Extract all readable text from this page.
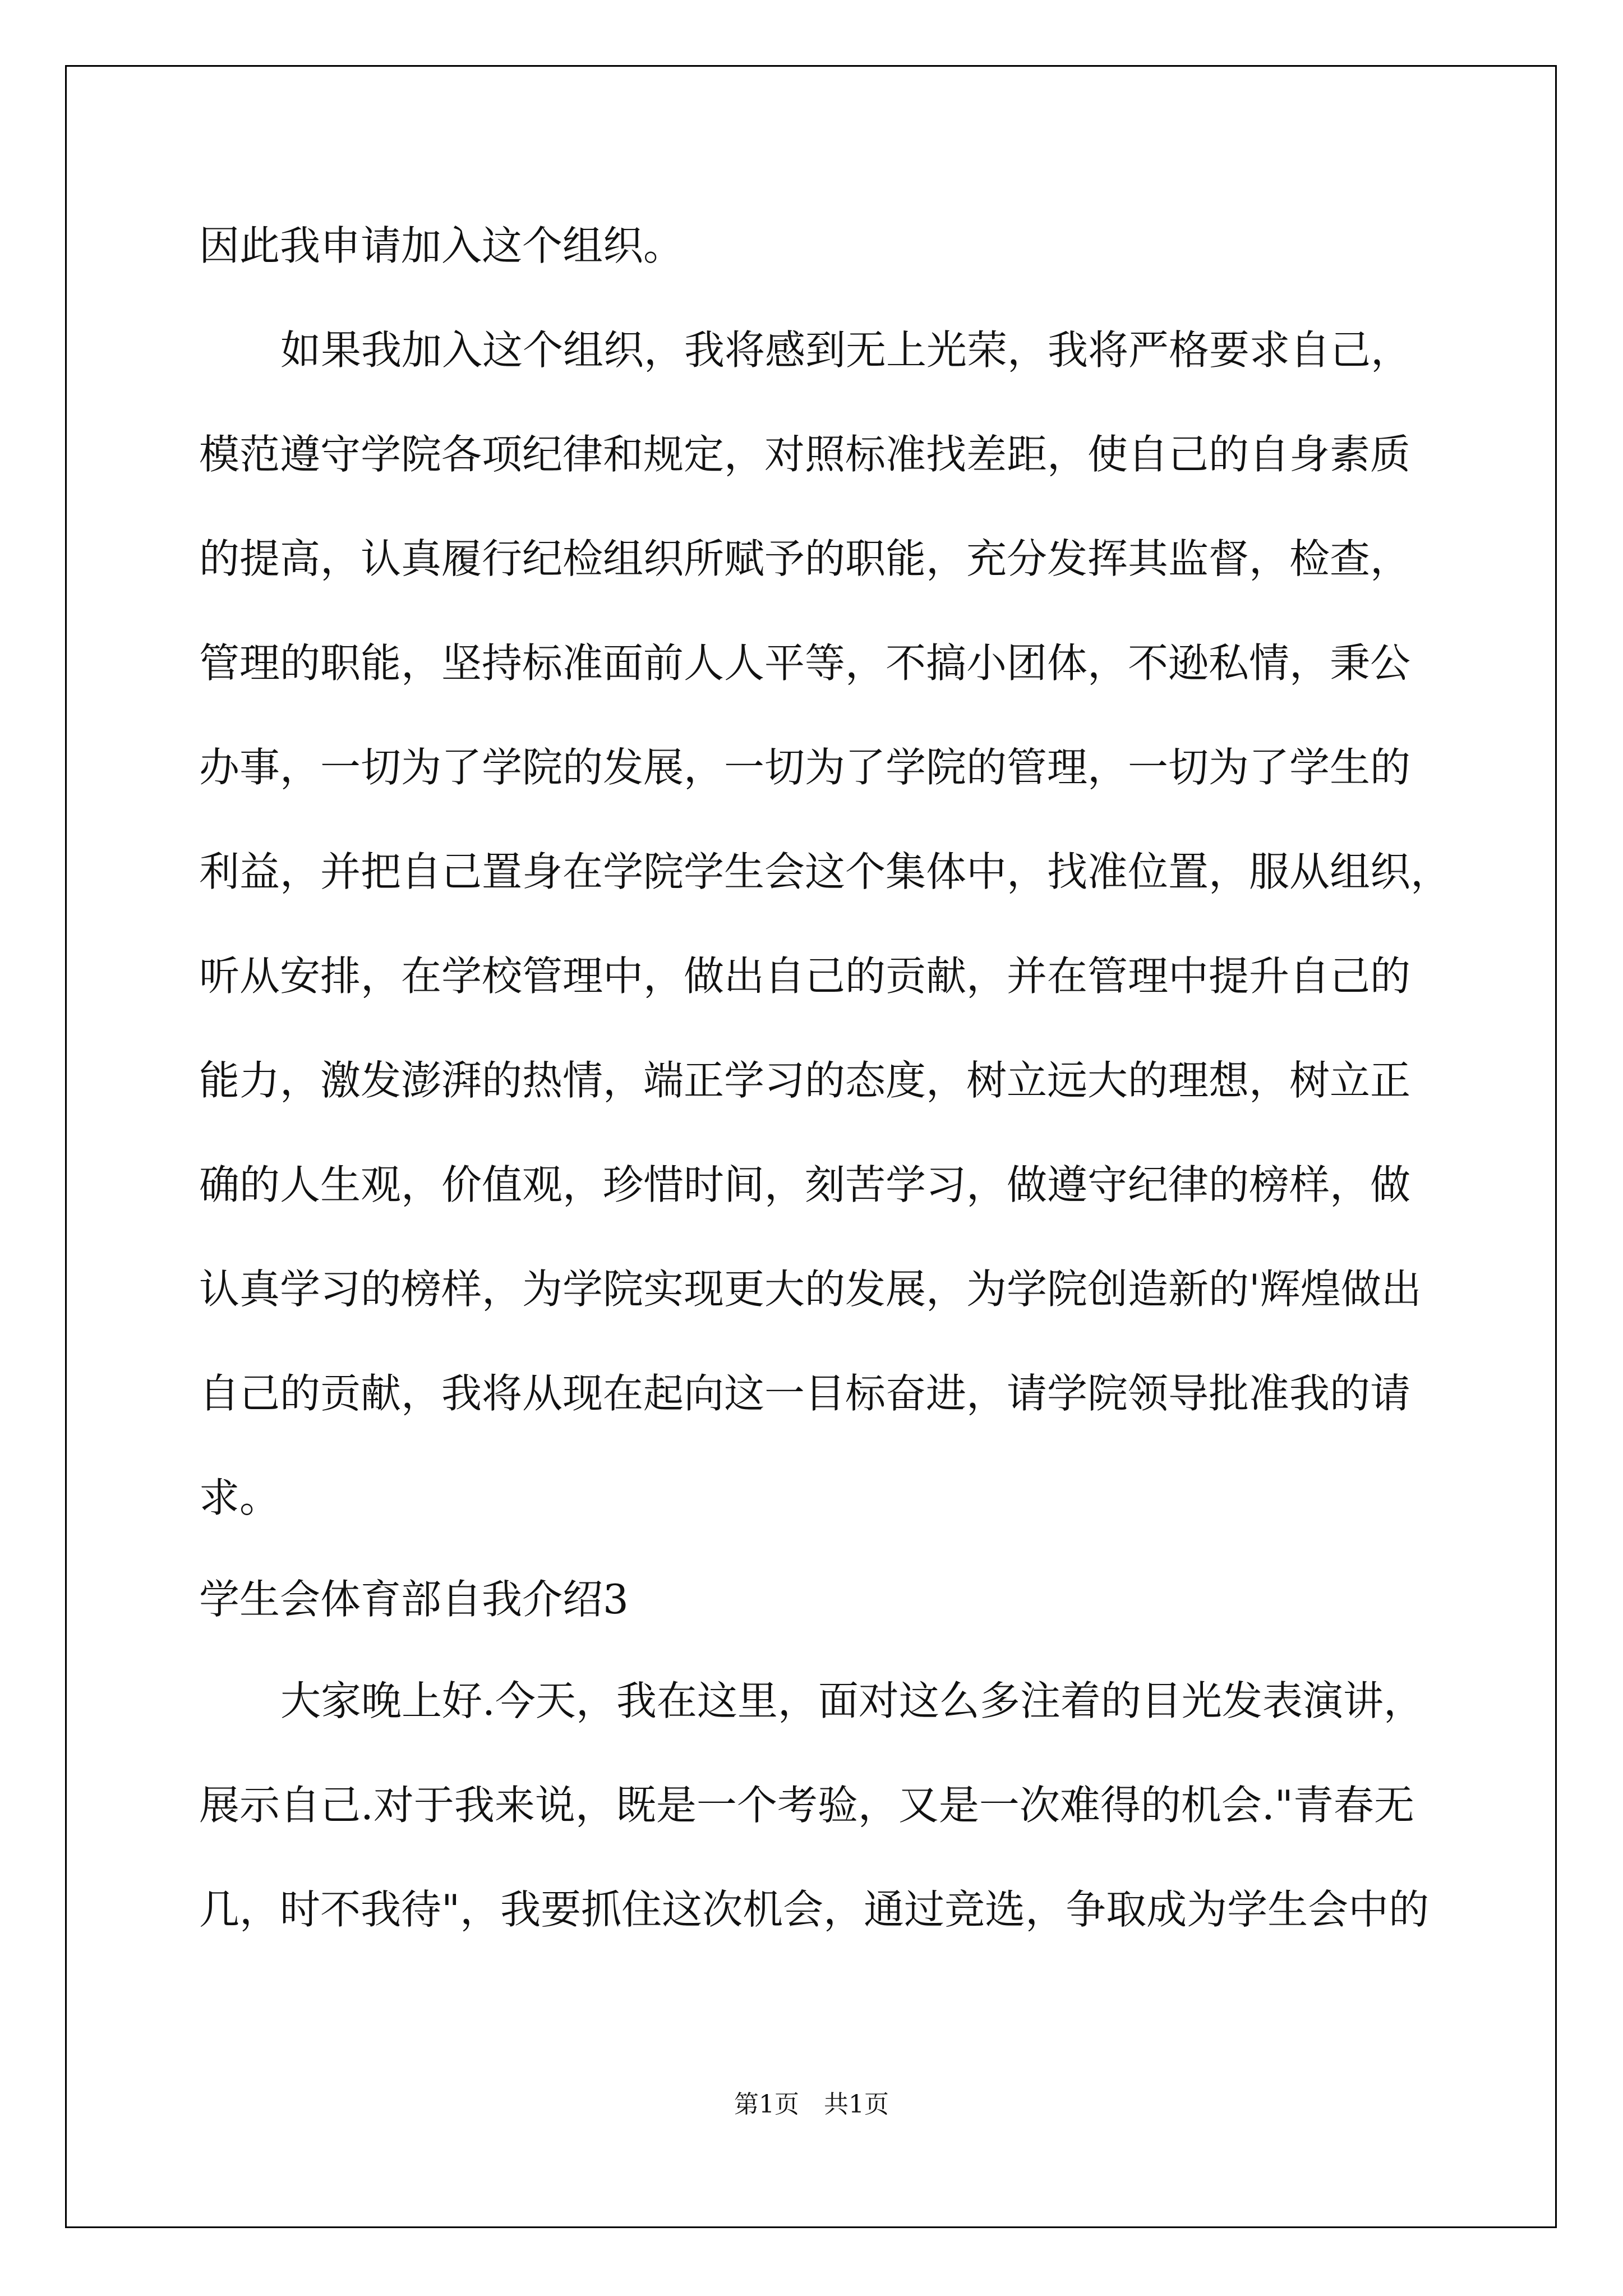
因此我申请加入这个组织。
如果我加入这个组织，我将感到无上光荣，我将严格要求自己，
模范遵守学院各项纪律和规定，对照标准找差距，使自己的自身素质
的提高，认真履行纪检组织所赋予的职能，充分发挥其监督，检查，
管理的职能，坚持标准面前人人平等，不搞小团体，不逊私情，秉公
办事，一切为了学院的发展，一切为了学院的管理，一切为了学生的
利益，并把自己置身在学院学生会这个集体中，找准位置，服从组织，
听从安排，在学校管理中，做出自己的贡献，并在管理中提升自己的
能力，激发澎湃的热情，端正学习的态度，树立远大的理想，树立正
确的人生观，价值观，珍惜时间，刻苦学习，做遵守纪律的榜样，做
认真学习的榜样，为学院实现更大的发展，为学院创造新的'辉煌做出
自己的贡献，我将从现在起向这一目标奋进，请学院领导批准我的请
求。
学生会体育部自我介绍3
大家晚上好.今天，我在这里，面对这么多注着的目光发表演讲，
展示自己.对于我来说，既是一个考验，又是一次难得的机会."青春无
几，时不我待"，我要抓住这次机会，通过竞选，争取成为学生会中的
第1页　共1页
